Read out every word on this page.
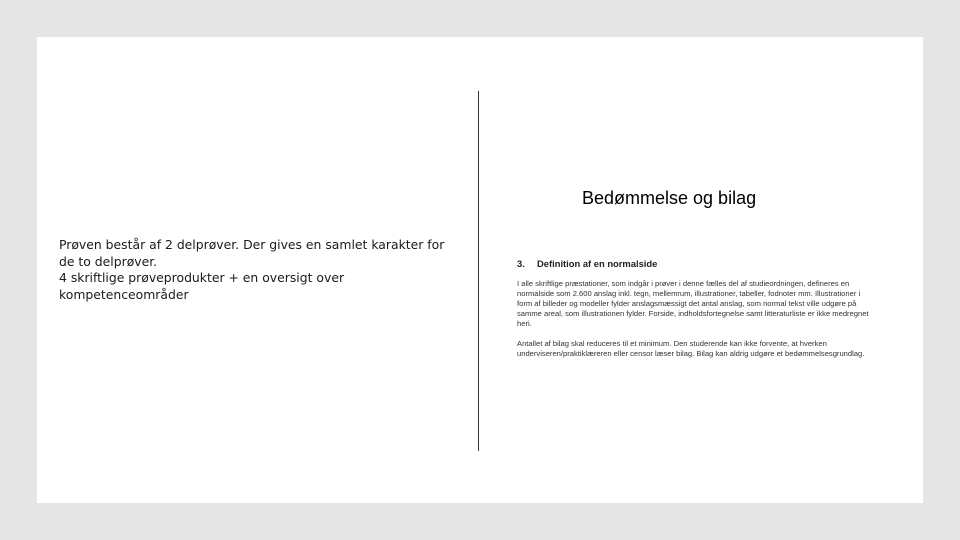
Prøven består af 2 delprøver. Der gives en samlet karakter for de to delprøver.

4 skriftlige prøveprodukter + en oversigt over kompetenceområder

Bedømmelse og bilag
3. Definition af en normalside

I alle skriftlige præstationer, som indgår i prøver i denne fælles del af studieordningen, defineres en normalside som 2.600 anslag inkl. tegn, mellemrum, illustrationer, tabeller, fodnoter mm. Illustrationer i form af billeder og modeller fylder anslagsmæssigt det antal anslag, som normal tekst ville udgøre på samme areal, som illustrationen fylder. Forside, indholdsfortegnelse samt litteraturliste er ikke medregnet heri.

Antallet af bilag skal reduceres til et minimum. Den studerende kan ikke forvente, at hverken underviseren/praktiklæreren eller censor læser bilag. Bilag kan aldrig udgøre et bedømmelsesgrundlag.
